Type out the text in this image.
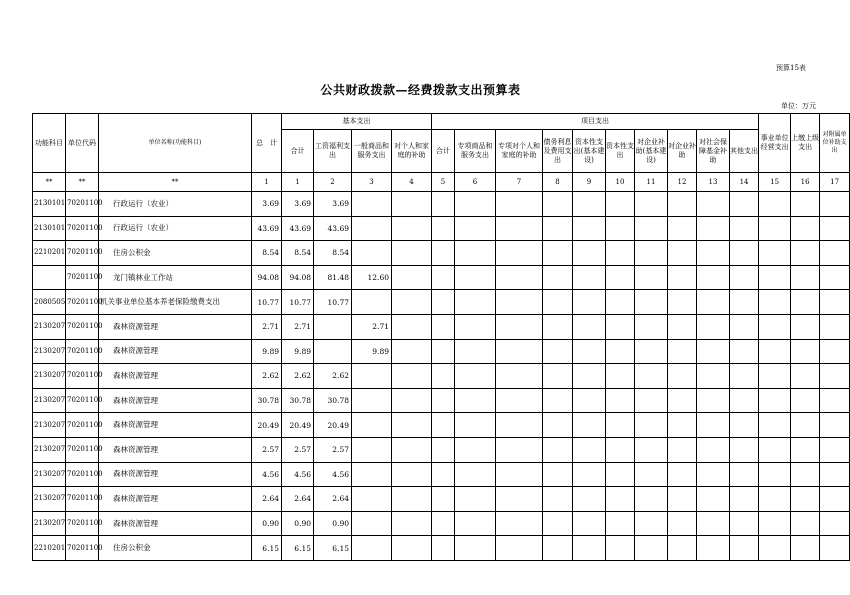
预算15表
公共财政拨款—经费拨款支出预算表
单位：万元
功能科目	单位代码	单位名称(功能科目)	总　计	基本支出				项目支出										事业单位经营支出	上缴上级支出	对附属单位补助支出
				合计	工资福利支出	一般商品和服务支出	对个人和家庭的补助	合计	专项商品和服务支出	专项对个人和家庭的补助	债务利息及费用支出	资本性支出(基本建设)	资本性支出	对企业补助(基本建设)	对企业补助	对社会保障基金补助	其他支出			
**	**	**	1	1	2	3	4	5	6	7	8	9	10	11	12	13	14	15	16	17
2130101	70201100	行政运行（农业）	3.69	3.69	3.69															
2130101	70201100	行政运行（农业）	43.69	43.69	43.69															
2210201	70201100	住房公积金	8.54	8.54	8.54															
	70201100	龙门镇林业工作站	94.08	94.08	81.48	12.60														
2080505	70201100	机关事业单位基本养老保险缴费支出	10.77	10.77	10.77															
2130207	70201100	森林资源管理	2.71	2.71		2.71														
2130207	70201100	森林资源管理	9.89	9.89		9.89														
2130207	70201100	森林资源管理	2.62	2.62	2.62															
2130207	70201100	森林资源管理	30.78	30.78	30.78															
2130207	70201100	森林资源管理	20.49	20.49	20.49															
2130207	70201100	森林资源管理	2.57	2.57	2.57															
2130207	70201100	森林资源管理	4.56	4.56	4.56															
2130207	70201100	森林资源管理	2.64	2.64	2.64															
2130207	70201100	森林资源管理	0.90	0.90	0.90															
2210201	70201100	住房公积金	6.15	6.15	6.15															
